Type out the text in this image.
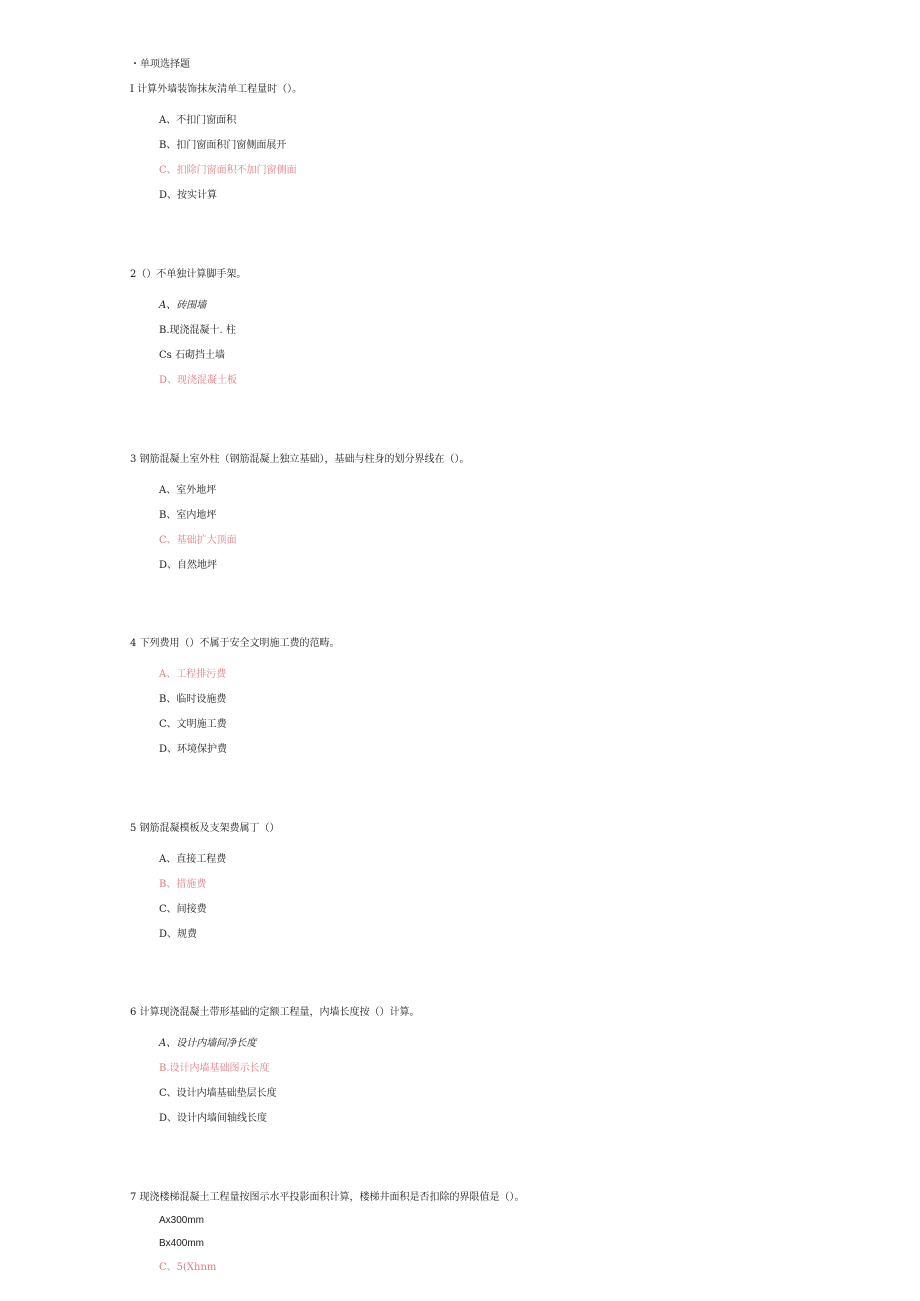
・单项选择题
I 计算外墙装饰抹灰清单工程量时（）。
A、不扣门窗面积
B、扣门窗面积门窗侧面展开
C、扣除门窗面积不加门窗侧面
D、按实计算
2（）不单独计算脚手架。
A、砖围墙
B.现浇混凝十. 柱
Cs 石砌挡土墙
D、现浇混凝土板
3 钢筋混凝上室外柱（钢筋混凝上独立基础），基础与柱身的划分界线在（）。
A、室外地坪
B、室内地坪
C、基础扩大顶面
D、自然地坪
4 下列费用（）不属于安全文明施工费的范畴。
A、工程排污费
B、临时设施费
C、文明施工费
D、环境保护费
5 钢筋混凝模板及支架费属丁（）
A、直接工程费
B、措施费
C、间接费
D、规费
6 计算现浇混凝土带形基础的定额工程量，内墙长度按（）计算。
A、设计内墙间净长度
B.设计内墙基础图示长度
C、设计内墙基础垫层长度
D、设计内墙间轴线长度
7 现浇楼梯混凝土工程量按图示水平投影面积计算，楼梯井面积是否扣除的界限值是（）。
Ax300mm
Bx400mm
C、5(Xhnm
